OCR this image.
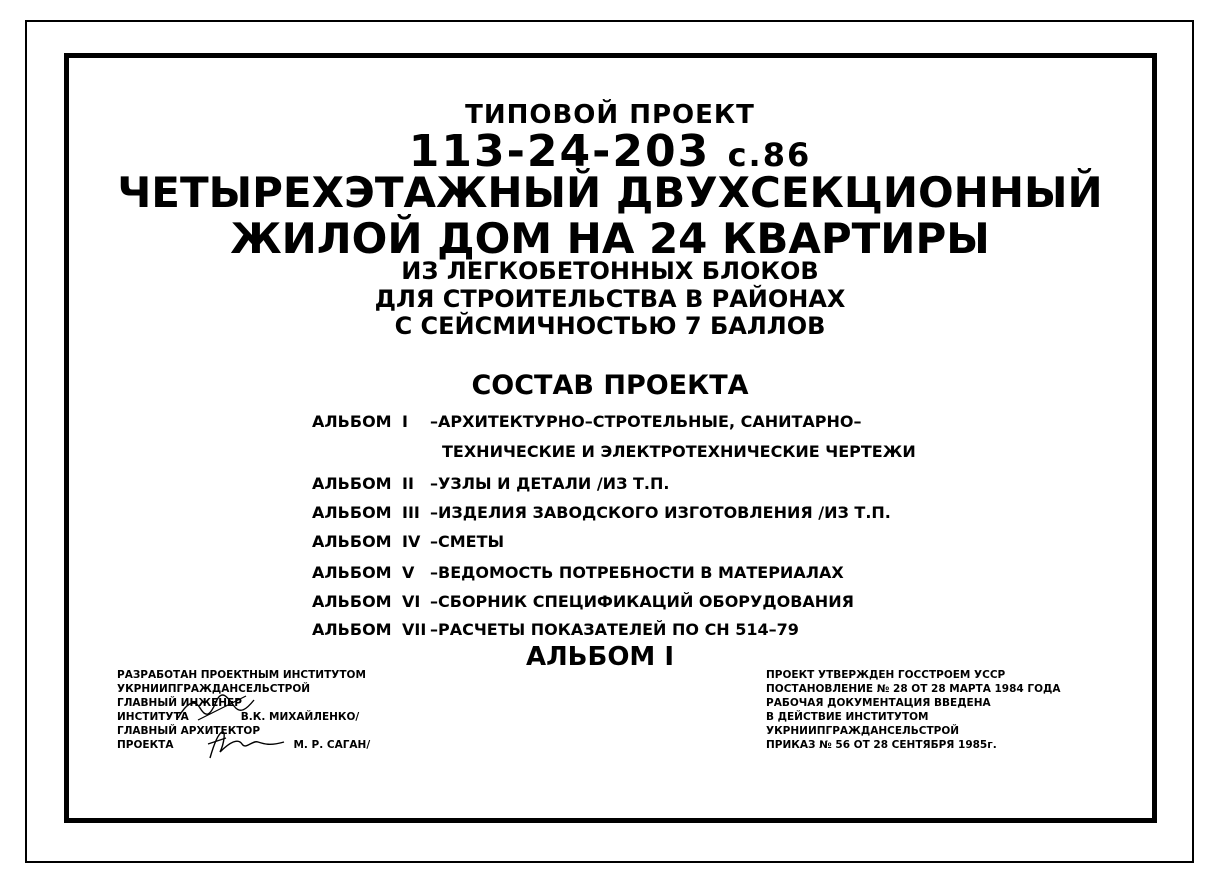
ТИПОВОЙ ПРОЕКТ
113-24-203 с.86
ЧЕТЫРЕХЭТАЖНЫЙ ДВУХСЕКЦИОННЫЙ
ЖИЛОЙ ДОМ НА 24 КВАРТИРЫ
ИЗ ЛЕГКОБЕТОННЫХ БЛОКОВ
ДЛЯ СТРОИТЕЛЬСТВА В РАЙОНАХ
С СЕЙСМИЧНОСТЬЮ 7 БАЛЛОВ
СОСТАВ ПРОЕКТА
АЛЬБОМ I –АРХИТЕКТУРНО–СТРОТЕЛЬНЫЕ, САНИТАРНО–
ТЕХНИЧЕСКИЕ И ЭЛЕКТРОТЕХНИЧЕСКИЕ ЧЕРТЕЖИ
АЛЬБОМ II –УЗЛЫ И ДЕТАЛИ /ИЗ Т.П.
АЛЬБОМ III –ИЗДЕЛИЯ ЗАВОДСКОГО ИЗГОТОВЛЕНИЯ /ИЗ Т.П.
АЛЬБОМ IV –СМЕТЫ
АЛЬБОМ V –ВЕДОМОСТЬ ПОТРЕБНОСТИ В МАТЕРИАЛАХ
АЛЬБОМ VI –СБОРНИК СПЕЦИФИКАЦИЙ ОБОРУДОВАНИЯ
АЛЬБОМ VII –РАСЧЕТЫ ПОКАЗАТЕЛЕЙ ПО СН 514–79
АЛЬБОМ I
РАЗРАБОТАН ПРОЕКТНЫМ ИНСТИТУТОМ
УКРНИИПГРАЖДАНСЕЛЬСТРОЙ
ГЛАВНЫЙ ИНЖЕНЕР
ИНСТИТУТА	В.К. МИХАЙЛЕНКО/
ГЛАВНЫЙ АРХИТЕКТОР
ПРОЕКТА	М. Р. САГАН/
ПРОЕКТ УТВЕРЖДЕН ГОССТРОЕМ УССР
ПОСТАНОВЛЕНИЕ № 28 ОТ 28 МАРТА 1984 ГОДА
РАБОЧАЯ ДОКУМЕНТАЦИЯ ВВЕДЕНА
В ДЕЙСТВИЕ ИНСТИТУТОМ
УКРНИИПГРАЖДАНСЕЛЬСТРОЙ
ПРИКАЗ № 56 ОТ 28 СЕНТЯБРЯ 1985г.
